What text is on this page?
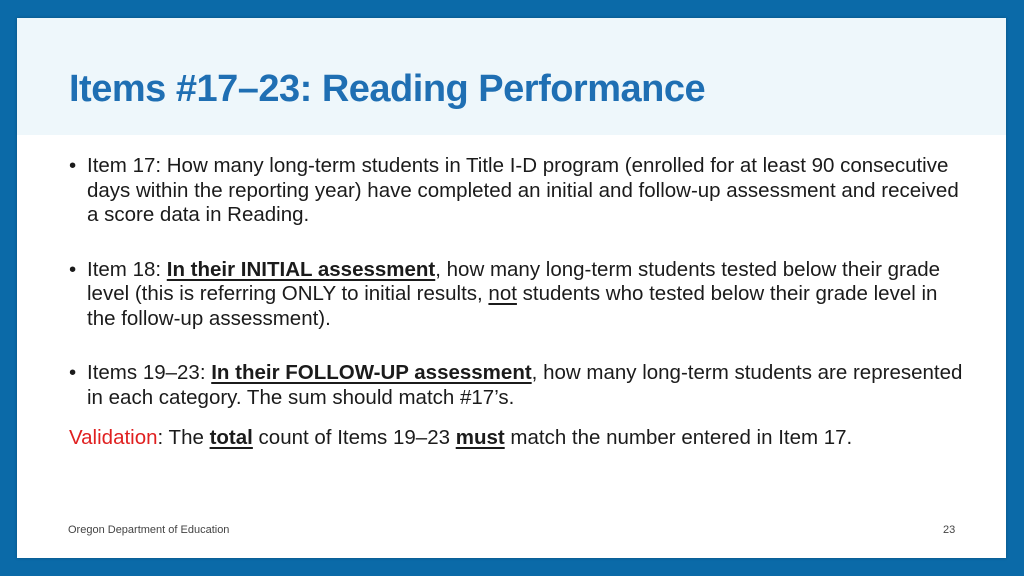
Items #17–23: Reading Performance

• Item 17: How many long-term students in Title I-D program (enrolled for at least 90 consecutive days within the reporting year) have completed an initial and follow-up assessment and received a score data in Reading.

• Item 18: In their INITIAL assessment, how many long-term students tested below their grade level (this is referring ONLY to initial results, not students who tested below their grade level in the follow-up assessment).

• Items 19–23: In their FOLLOW-UP assessment, how many long-term students are represented in each category. The sum should match #17’s.

Validation: The total count of Items 19–23 must match the number entered in Item 17.

Oregon Department of Education	23
